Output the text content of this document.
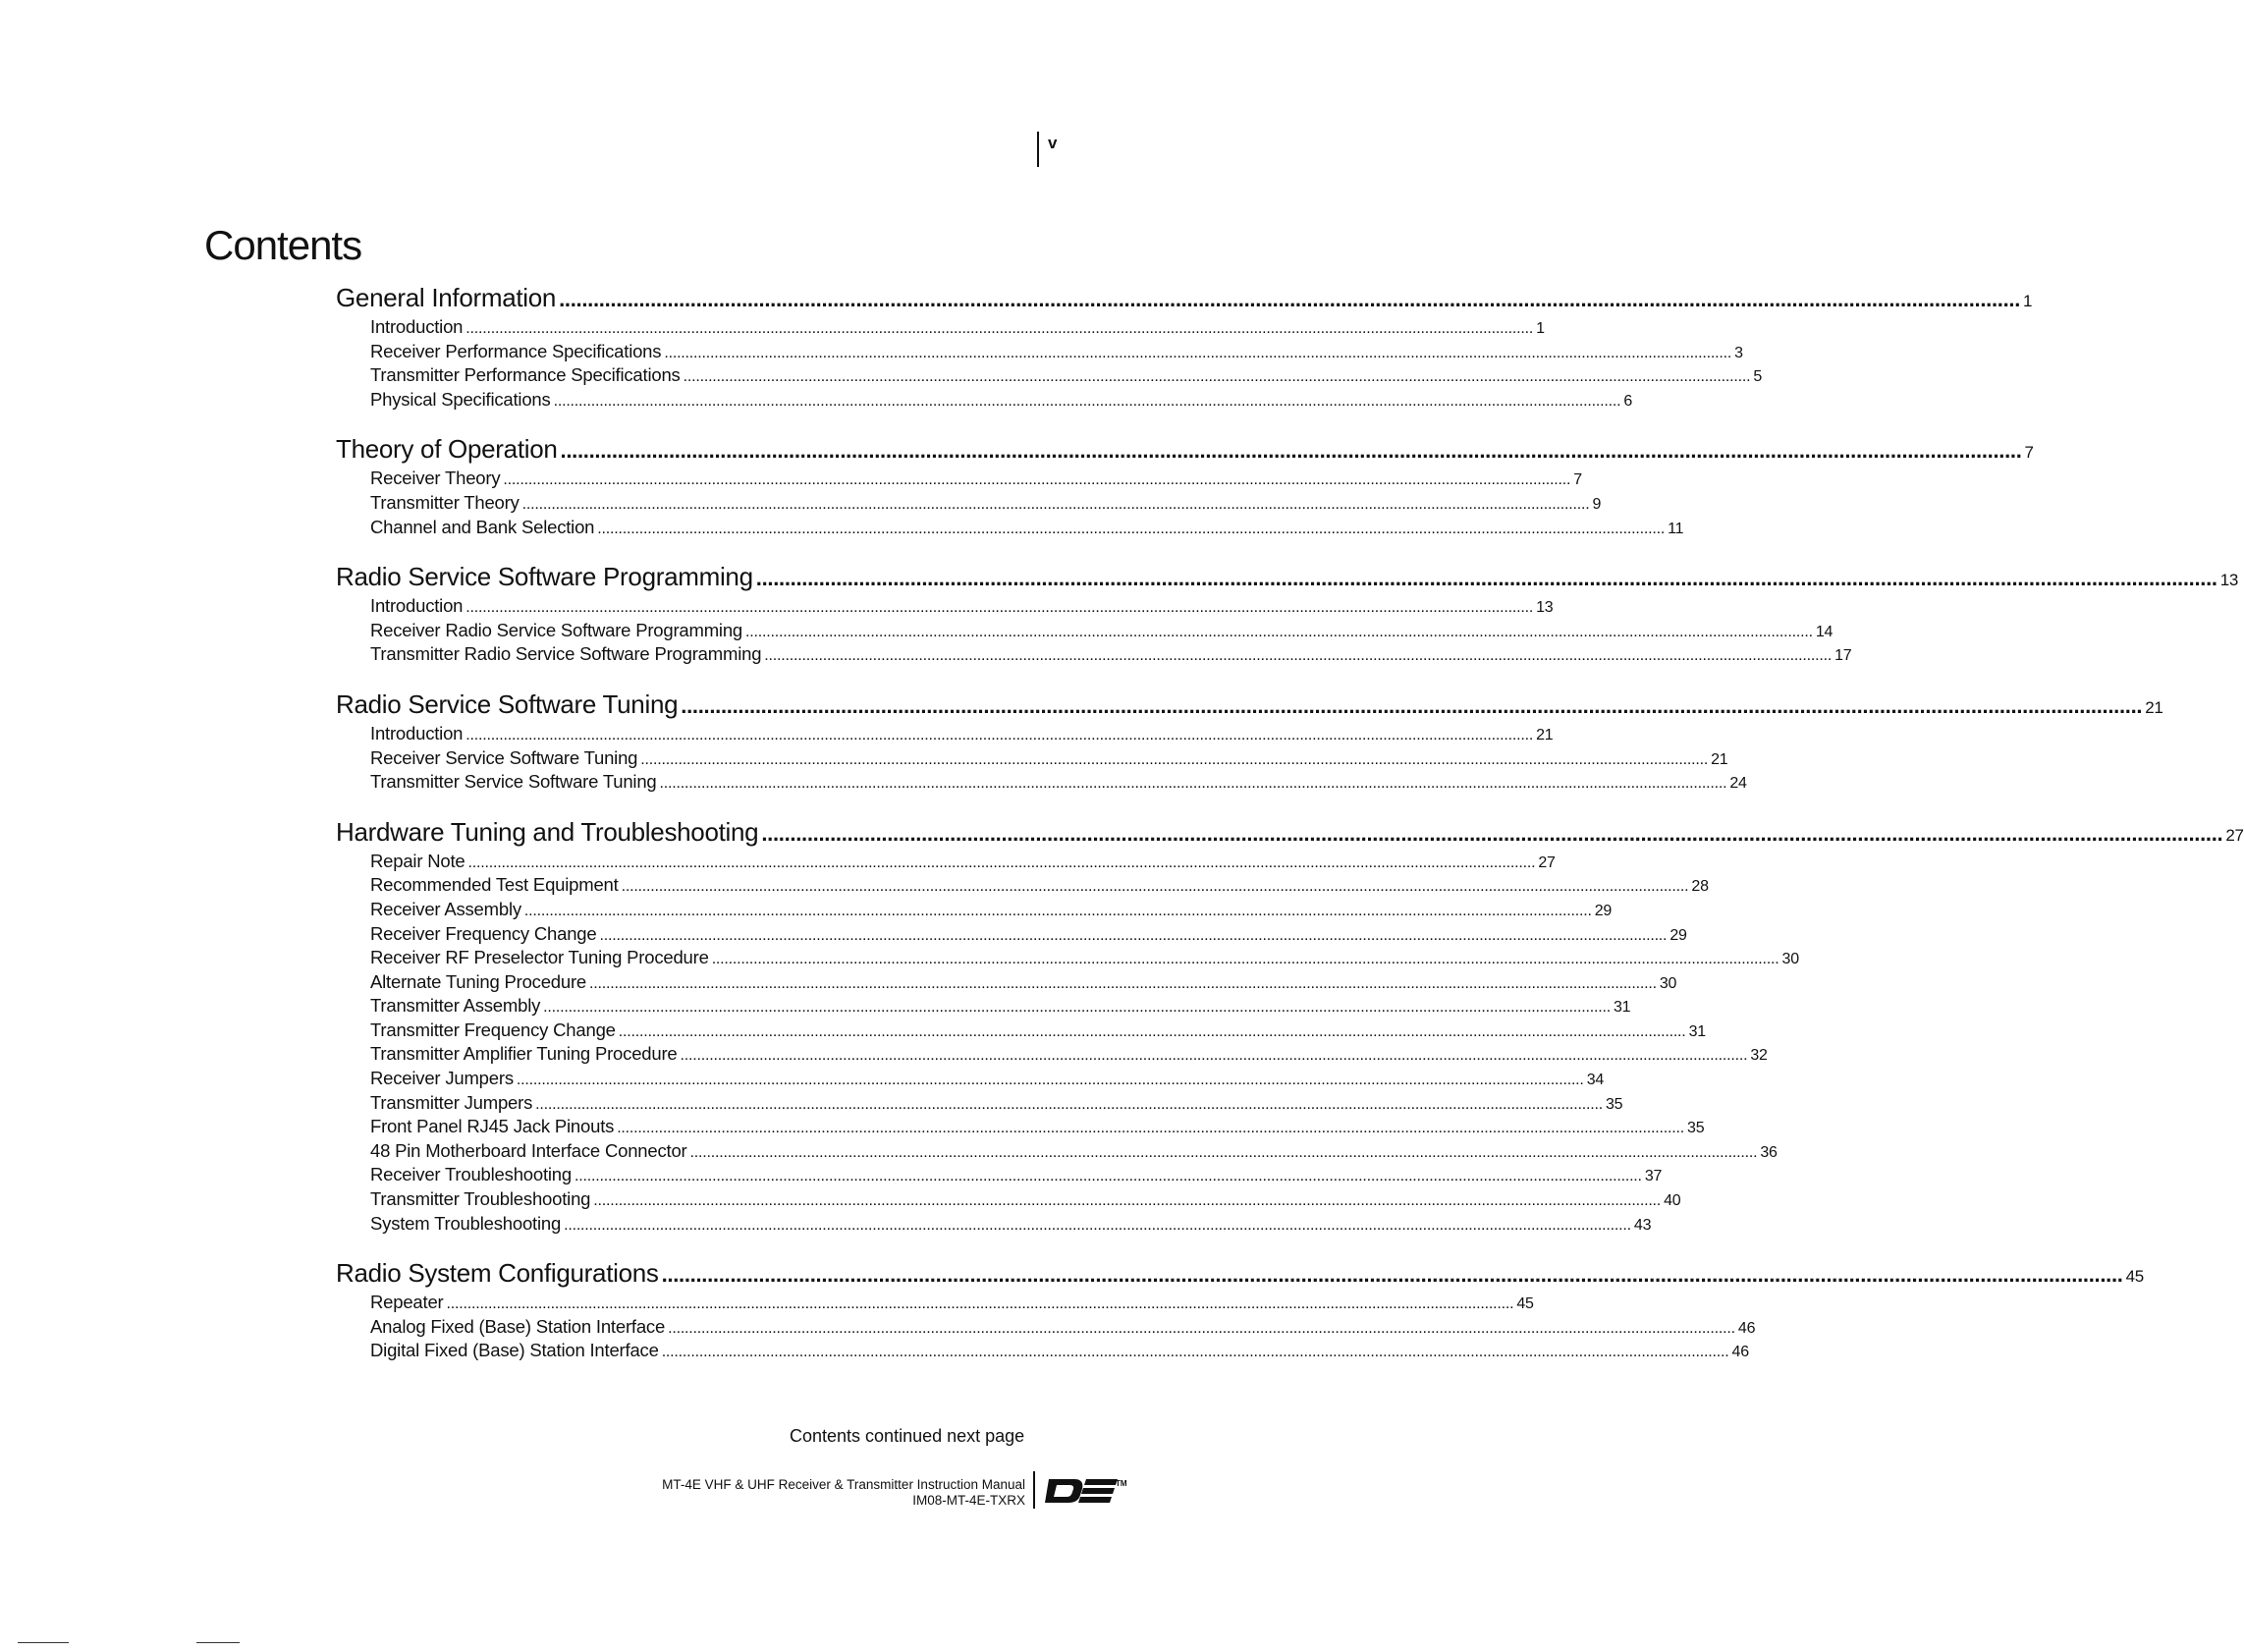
v
Contents
General Information .....	1
Introduction .....	1
Receiver Performance Specifications .....	3
Transmitter Performance Specifications .....	5
Physical Specifications .....	6
Theory of Operation .....	7
Receiver Theory .....	7
Transmitter Theory .....	9
Channel and Bank Selection .....	11
Radio Service Software Programming .....	13
Introduction .....	13
Receiver Radio Service Software Programming .....	14
Transmitter Radio Service Software Programming .....	17
Radio Service Software Tuning .....	21
Introduction .....	21
Receiver Service Software Tuning .....	21
Transmitter Service Software Tuning .....	24
Hardware Tuning and Troubleshooting .....	27
Repair Note .....	27
Recommended Test Equipment .....	28
Receiver Assembly .....	29
Receiver Frequency Change .....	29
Receiver RF Preselector Tuning Procedure .....	30
Alternate Tuning Procedure .....	30
Transmitter Assembly .....	31
Transmitter Frequency Change .....	31
Transmitter Amplifier Tuning Procedure .....	32
Receiver Jumpers .....	34
Transmitter Jumpers .....	35
Front Panel RJ45 Jack Pinouts .....	35
48 Pin Motherboard Interface Connector .....	36
Receiver Troubleshooting .....	37
Transmitter Troubleshooting .....	40
System Troubleshooting .....	43
Radio System Configurations .....	45
Repeater .....	45
Analog Fixed (Base) Station Interface .....	46
Digital Fixed (Base) Station Interface .....	46
Contents continued next page
MT-4E VHF & UHF Receiver & Transmitter Instruction Manual
IM08-MT-4E-TXRX
TM
